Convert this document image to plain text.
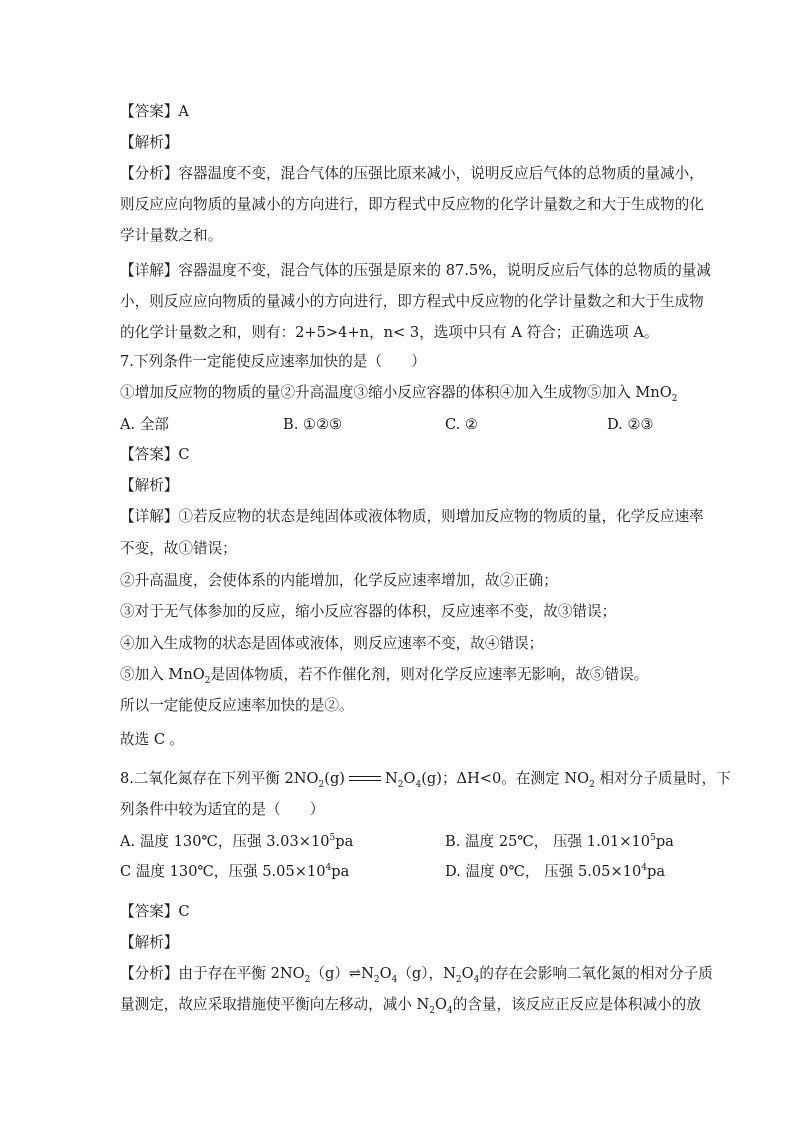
【答案】A
【解析】
【分析】容器温度不变，混合气体的压强比原来减小，说明反应后气体的总物质的量减小，
则反应应向物质的量减小的方向进行，即方程式中反应物的化学计量数之和大于生成物的化
学计量数之和。
【详解】容器温度不变，混合气体的压强是原来的 87.5%，说明反应后气体的总物质的量减
小，则反应应向物质的量减小的方向进行，即方程式中反应物的化学计量数之和大于生成物
的化学计量数之和，则有：2+5>4+n，n< 3，选项中只有 A 符合；正确选项 A。
7.下列条件一定能使反应速率加快的是（　　）
①增加反应物的物质的量②升高温度③缩小反应容器的体积④加入生成物⑤加入 MnO$_2$
A. 全部	B. ①②⑤	C. ②	D. ②③
【答案】C
【解析】
【详解】①若反应物的状态是纯固体或液体物质，则增加反应物的物质的量，化学反应速率
不变，故①错误；
②升高温度，会使体系的内能增加，化学反应速率增加，故②正确；
③对于无气体参加的反应，缩小反应容器的体积，反应速率不变，故③错误；
④加入生成物的状态是固体或液体，则反应速率不变，故④错误；
⑤加入 MnO$_2$是固体物质，若不作催化剂，则对化学反应速率无影响，故⑤错误。
所以一定能使反应速率加快的是②。
故选 C 。
8.二氧化氮存在下列平衡 $2NO_2(g)$	$N_2O_4(g)$；ΔH<0。在测定 $NO_2$ 相对分子质量时，下
列条件中较为适宜的是（　　）
A. 温度 130℃，压强 $3.03\times 10^5pa$	B. 温度 25℃， 压强 $1.01\times 10^5pa$
C 温度 130℃，压强 $5.05\times 10^4pa$	D. 温度 0℃， 压强 $5.05\times 10^4pa$
【答案】C
【解析】
【分析】由于存在平衡 $2NO_2(g)\rightleftharpoons N_2O_4(g)$，$N_2O_4$的存在会影响二氧化氮的相对分子质
量测定，故应采取措施使平衡向左移动，减小 $N_2O_4$的含量，该反应正反应是体积减小的放
